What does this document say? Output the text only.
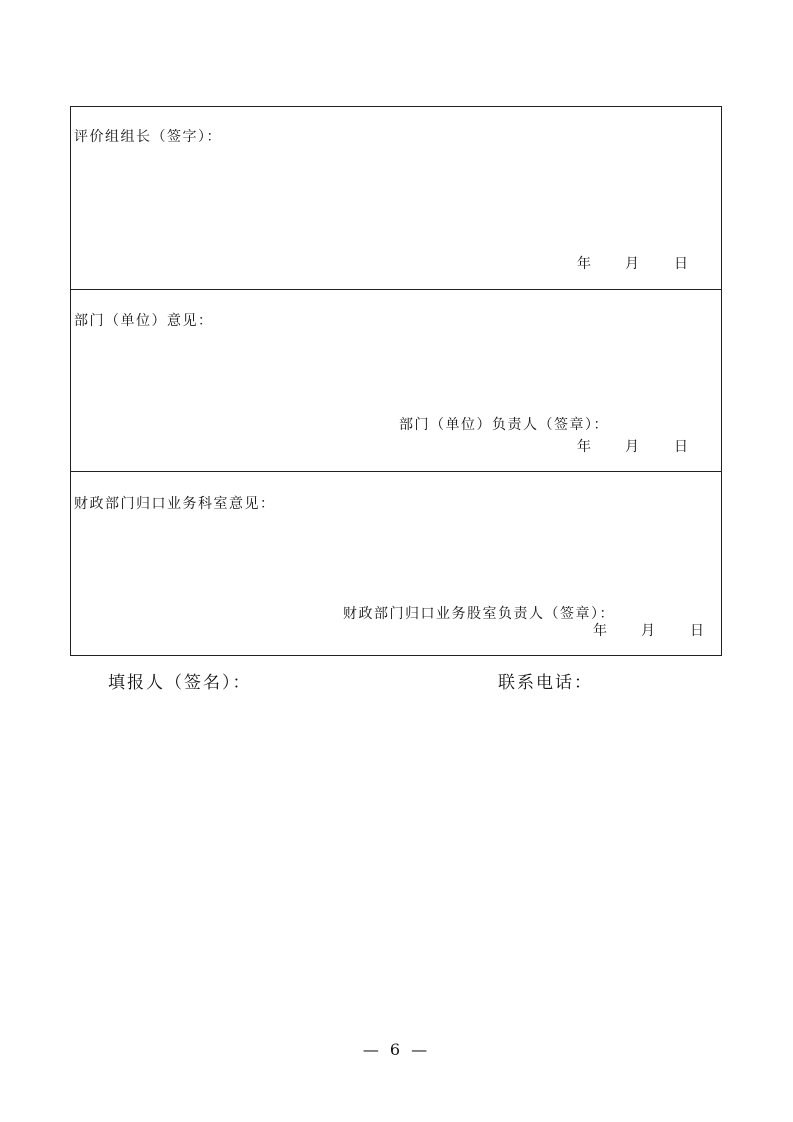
评价组组长（签字）：
年 月	日
部门（单位）意见：
部门（单位）负责人（签章）：
年 月	日
财政部门归口业务科室意见：
财政部门归口业务股室负责人（签章）：
年 月	日
填报人（签名）：	联系电话：
— 6 —
